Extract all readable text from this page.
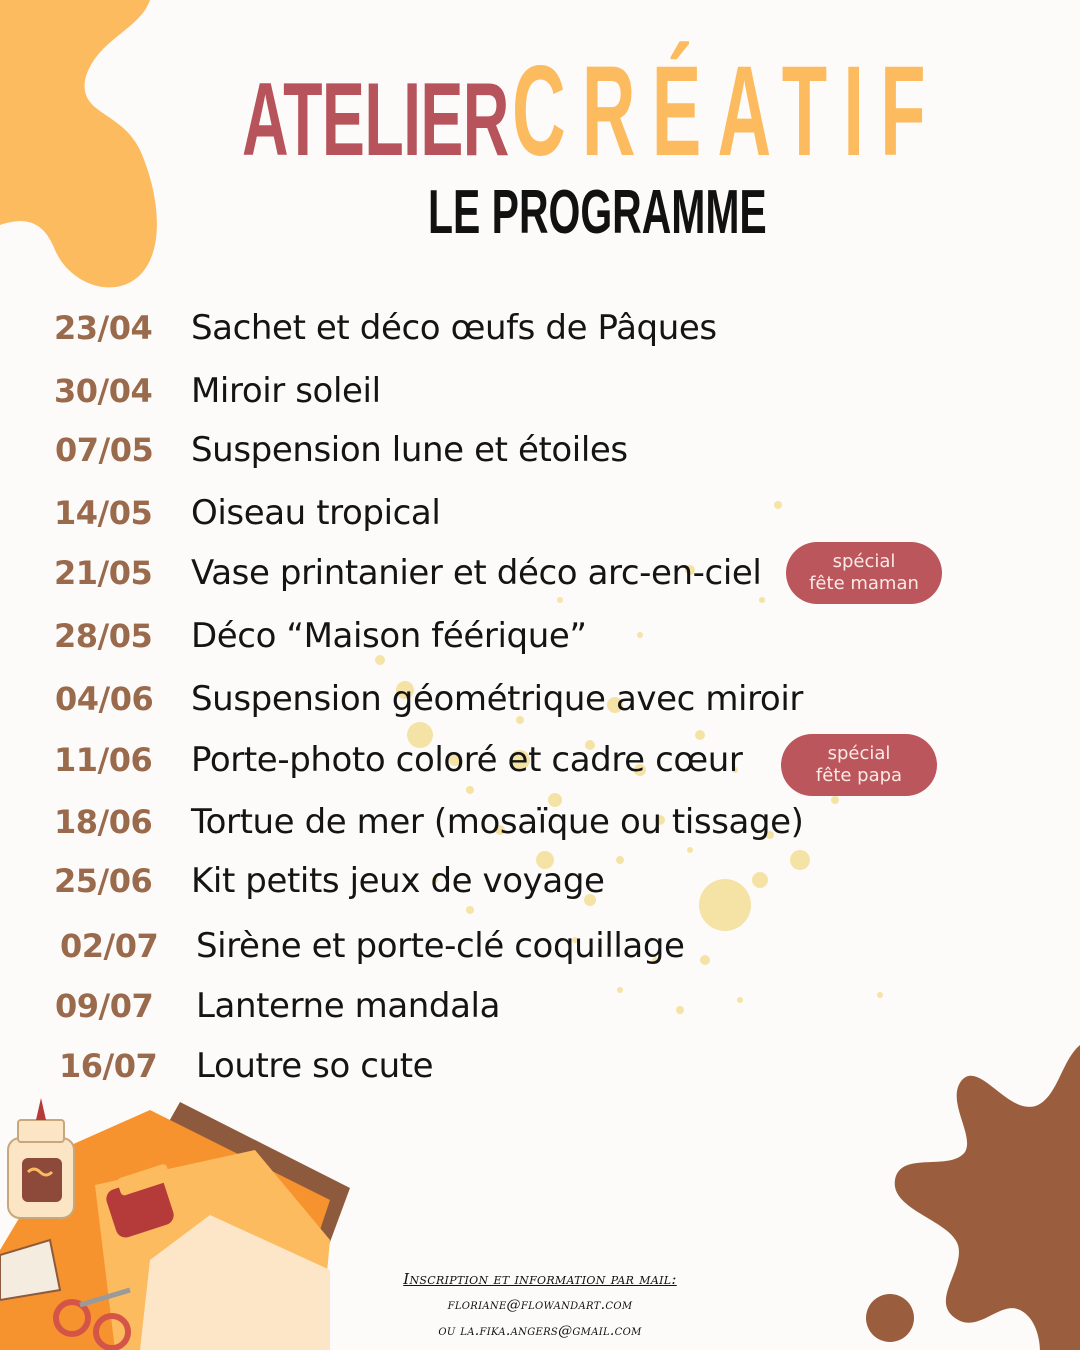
ATELIER CRÉATIF
LE PROGRAMME
23/04	Sachet et déco œufs de Pâques
30/04	Miroir soleil
07/05	Suspension lune et étoiles
14/05	Oiseau tropical
21/05	Vase printanier et déco arc-en-ciel
28/05	Déco “Maison féérique”
04/06	Suspension géométrique avec miroir
11/06	Porte-photo coloré et cadre cœur
18/06	Tortue de mer (mosaïque ou tissage)
25/06	Kit petits jeux de voyage
02/07	Sirène et porte-clé coquillage
09/07	Lanterne mandala
16/07	Loutre so cute
spécial
fête maman
spécial
fête papa
Inscription et information par mail:
floriane@flowandart.com
ou la.fika.angers@gmail.com
